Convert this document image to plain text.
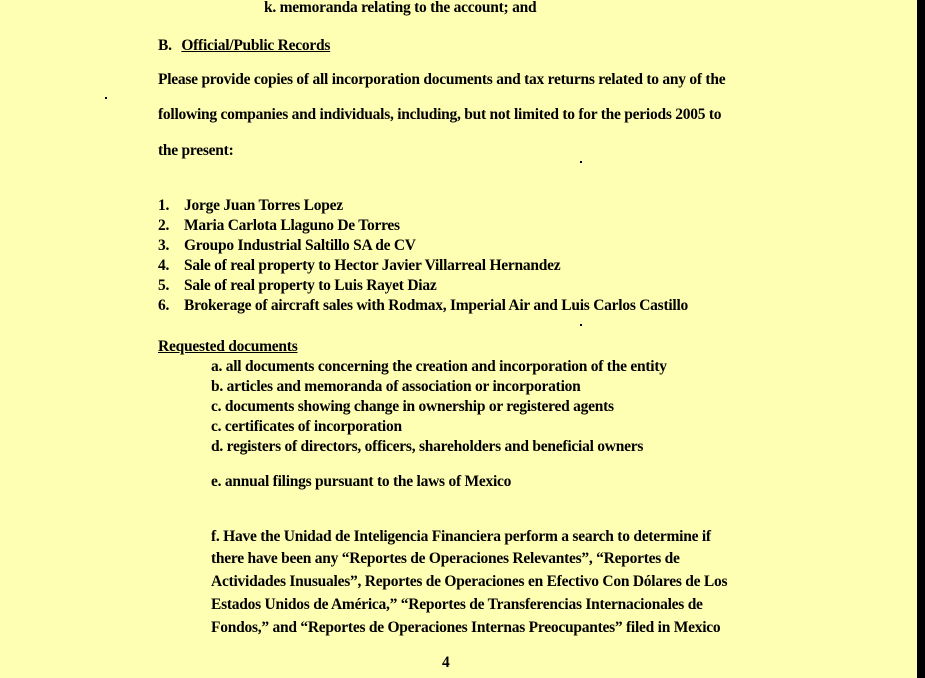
k. memoranda relating to the account; and
B. Official/Public Records
Please provide copies of all incorporation documents and tax returns related to any of the
following companies and individuals, including, but not limited to for the periods 2005 to
the present:
1. Jorge Juan Torres Lopez
2. Maria Carlota Llaguno De Torres
3. Groupo Industrial Saltillo SA de CV
4. Sale of real property to Hector Javier Villarreal Hernandez
5. Sale of real property to Luis Rayet Diaz
6. Brokerage of aircraft sales with Rodmax, Imperial Air and Luis Carlos Castillo
Requested documents
a. all documents concerning the creation and incorporation of the entity
b. articles and memoranda of association or incorporation
c. documents showing change in ownership or registered agents
c. certificates of incorporation
d. registers of directors, officers, shareholders and beneficial owners
e. annual filings pursuant to the laws of Mexico
f. Have the Unidad de Inteligencia Financiera perform a search to determine if
there have been any “Reportes de Operaciones Relevantes”, “Reportes de
Actividades Inusuales”, Reportes de Operaciones en Efectivo Con Dólares de Los
Estados Unidos de América,” “Reportes de Transferencias Internacionales de
Fondos,” and “Reportes de Operaciones Internas Preocupantes” filed in Mexico
4
